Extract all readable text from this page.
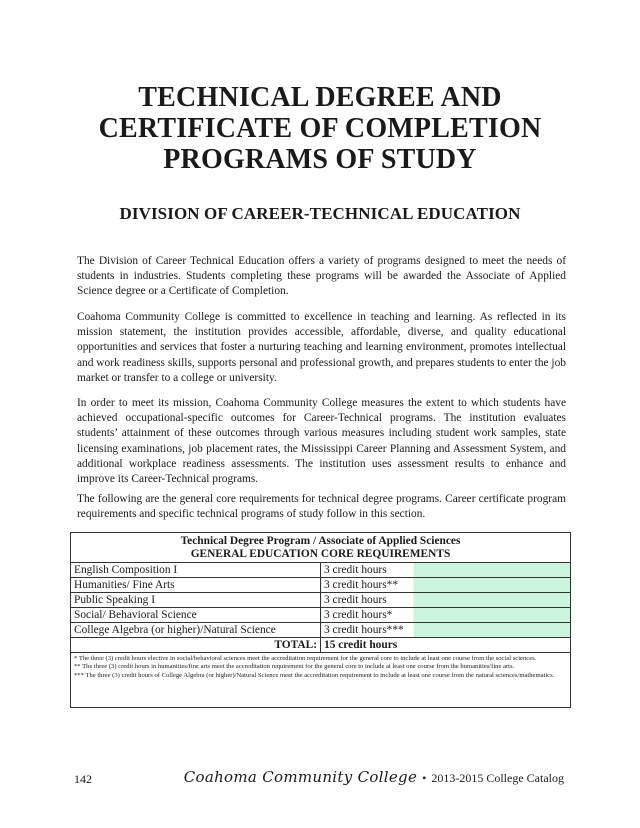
TECHNICAL DEGREE AND
CERTIFICATE OF COMPLETION
PROGRAMS OF STUDY
DIVISION OF CAREER-TECHNICAL EDUCATION

The Division of Career Technical Education offers a variety of programs designed to meet the needs of students in industries. Students completing these programs will be awarded the Associate of Applied Science degree or a Certificate of Completion.

Coahoma Community College is committed to excellence in teaching and learning. As reflected in its mission statement, the institution provides accessible, affordable, diverse, and quality educational opportunities and services that foster a nurturing teaching and learning environment, promotes intellectual and work readiness skills, supports personal and professional growth, and prepares students to enter the job market or transfer to a college or university.

In order to meet its mission, Coahoma Community College measures the extent to which students have achieved occupational-specific outcomes for Career-Technical programs. The institution evaluates students’ attainment of these outcomes through various measures including student work samples, state licensing examinations, job placement rates, the Mississippi Career Planning and Assessment System, and additional workplace readiness assessments. The institution uses assessment results to enhance and improve its Career-Technical programs.

The following are the general core requirements for technical degree programs. Career certificate program requirements and specific technical programs of study follow in this section.

Technical Degree Program / Associate of Applied Sciences
GENERAL EDUCATION CORE REQUIREMENTS
English Composition I	3 credit hours
Humanities/ Fine Arts	3 credit hours**
Public Speaking I	3 credit hours
Social/ Behavioral Science	3 credit hours*
College Algebra (or higher)/Natural Science	3 credit hours***
TOTAL:	15 credit hours

* The three (3) credit hours elective in social/behavioral sciences meet the accreditation requirement for the general core to include at least one course from the social sciences.

** The three (3) credit hours in humanities/fine arts meet the accreditation requirement for the general core to include at least one course from the humanities/fine arts.

*** The three (3) credit hours of College Algebra (or higher)/Natural Science meet the accreditation requirement to include at least one course from the natural sciences/mathematics.

142	Coahoma Community College • 2013-2015 College Catalog
